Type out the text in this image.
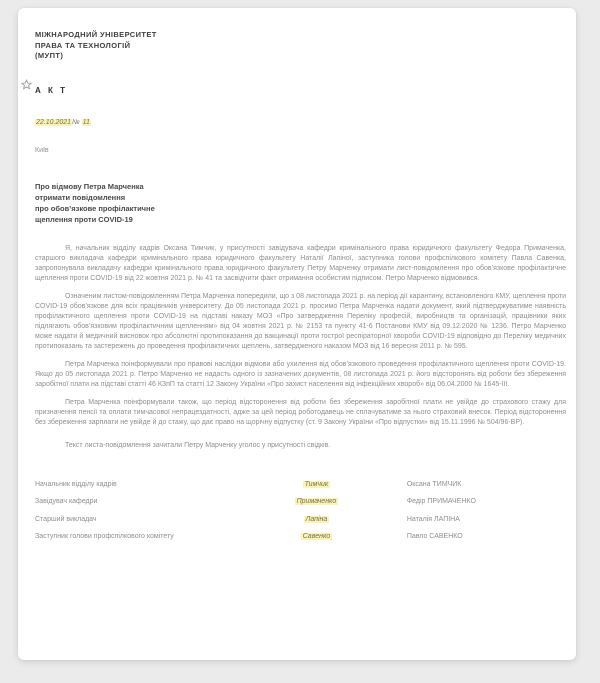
МІЖНАРОДНИЙ УНІВЕРСИТЕТ
ПРАВА ТА ТЕХНОЛОГІЙ
(МУПТ)
А К Т
22.10.2021№ 11
Київ
Про відмову Петра Марченка
отримати повідомлення
про обов’язкове профілактичне
щеплення проти COVID-19

Я, начальник відділу кадрів Оксана Тимчик, у присутності завідувача кафедри кримінального права юридичного факультету Федора Примаченка, старшого викладача кафедри кримінального права юридичного факультету Наталії Лапіної, заступника голови профспілкового комітету Павла Савенка, запропонувала викладачу кафедри кримінального права юридичного факультету Петру Марченку отримати лист-повідомлення про обов’язкове профілактичне щеплення проти COVID-19 від 22 жовтня 2021 р. № 41 та засвідчити факт отримання особистим підписом. Петро Марченко відмовився.

Означеним листом-повідомленням Петра Марченка попередили, що з 08 листопада 2021 р. на період дії карантину, встановленого КМУ, щеплення проти COVID-19 обов’язкове для всіх працівників університету. До 05 листопада 2021 р. просимо Петра Марченка надати документ, який підтверджуватиме наявність профілактичного щеплення проти COVID-19 на підставі наказу МОЗ «Про затвердження Переліку професій, виробництв та організацій, працівники яких підлягають обов’язковим профілактичним щепленням» від 04 жовтня 2021 р. № 2153 та пункту 41-6 Постанови КМУ від 09.12.2020 № 1236. Петро Марченко може надати й медичний висновок про абсолютні протипоказання до вакцинації проти гострої респіраторної хвороби COVID-19 відповідно до Переліку медичних протипоказань та застережень до проведення профілактичних щеплень, затвердженого наказом МОЗ від 16 вересня 2011 р. № 595.

Петра Марченка поінформували про правові наслідки відмови або ухилення від обов’язкового проведення профілактичного щеплення проти COVID-19. Якщо до 05 листопада 2021 р. Петро Марченко не надасть одного із зазначених документів, 08 листопада 2021 р. його відсторонять від роботи без збереження заробітної плати на підставі статті 46 КЗпП та статті 12 Закону України «Про захист населення від інфекційних хвороб» від 06.04.2000 № 1645-ІІІ.

Петра Марченка поінформували також, що період відсторонення від роботи без збереження заробітної плати не увійде до страхового стажу для призначення пенсії та оплати тимчасової непрацездатності, адже за цей період роботодавець не сплачуватиме за нього страховий внесок. Період відсторонення без збереження зарплати не увійде й до стажу, що дає право на щорічну відпустку (ст. 9 Закону України «Про відпустки» від 15.11.1996 № 504/96-ВР).

Текст листа-повідомлення зачитали Петру Марченку уголос у присутності свідків.

Начальник відділу кадрів	Тимчик	Оксана ТИМЧИК
Завідувач кафедри	Примаченко	Федір ПРИМАЧЕНКО
Старший викладач	Лапіна	Наталія ЛАПІНА
Заступник голови профспілкового комітету	Савенко	Павло САВЕНКО
